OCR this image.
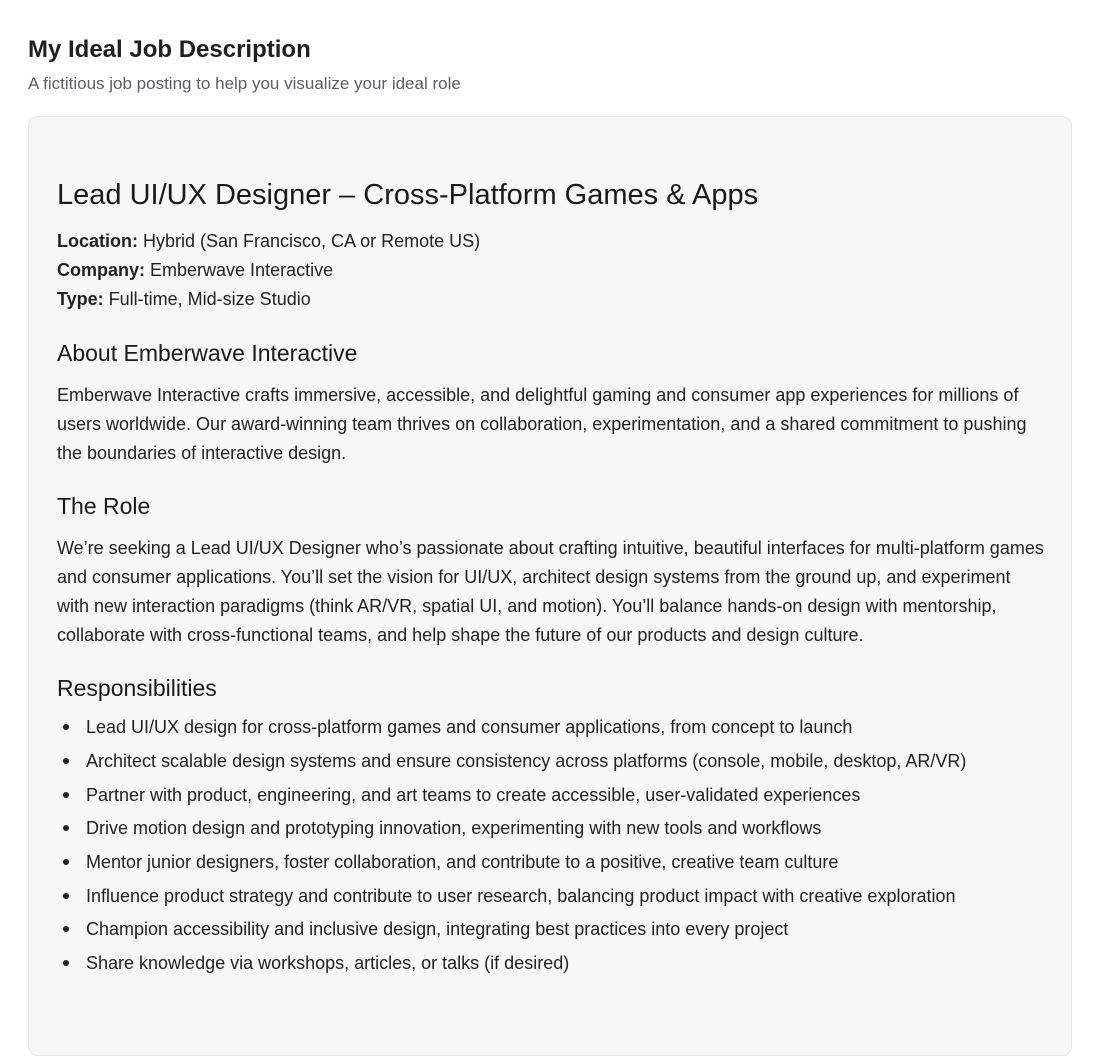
My Ideal Job Description

A fictitious job posting to help you visualize your ideal role

Lead UI/UX Designer – Cross-Platform Games & Apps
Location: Hybrid (San Francisco, CA or Remote US)
Company: Emberwave Interactive
Type: Full-time, Mid-size Studio
About Emberwave Interactive

Emberwave Interactive crafts immersive, accessible, and delightful gaming and consumer app experiences for millions of users worldwide. Our award-winning team thrives on collaboration, experimentation, and a shared commitment to pushing the boundaries of interactive design.

The Role

We’re seeking a Lead UI/UX Designer who’s passionate about crafting intuitive, beautiful interfaces for multi-platform games and consumer applications. You’ll set the vision for UI/UX, architect design systems from the ground up, and experiment with new interaction paradigms (think AR/VR, spatial UI, and motion). You’ll balance hands-on design with mentorship, collaborate with cross-functional teams, and help shape the future of our products and design culture.

Responsibilities
Lead UI/UX design for cross-platform games and consumer applications, from concept to launch
Architect scalable design systems and ensure consistency across platforms (console, mobile, desktop, AR/VR)
Partner with product, engineering, and art teams to create accessible, user-validated experiences
Drive motion design and prototyping innovation, experimenting with new tools and workflows
Mentor junior designers, foster collaboration, and contribute to a positive, creative team culture
Influence product strategy and contribute to user research, balancing product impact with creative exploration
Champion accessibility and inclusive design, integrating best practices into every project
Share knowledge via workshops, articles, or talks (if desired)
